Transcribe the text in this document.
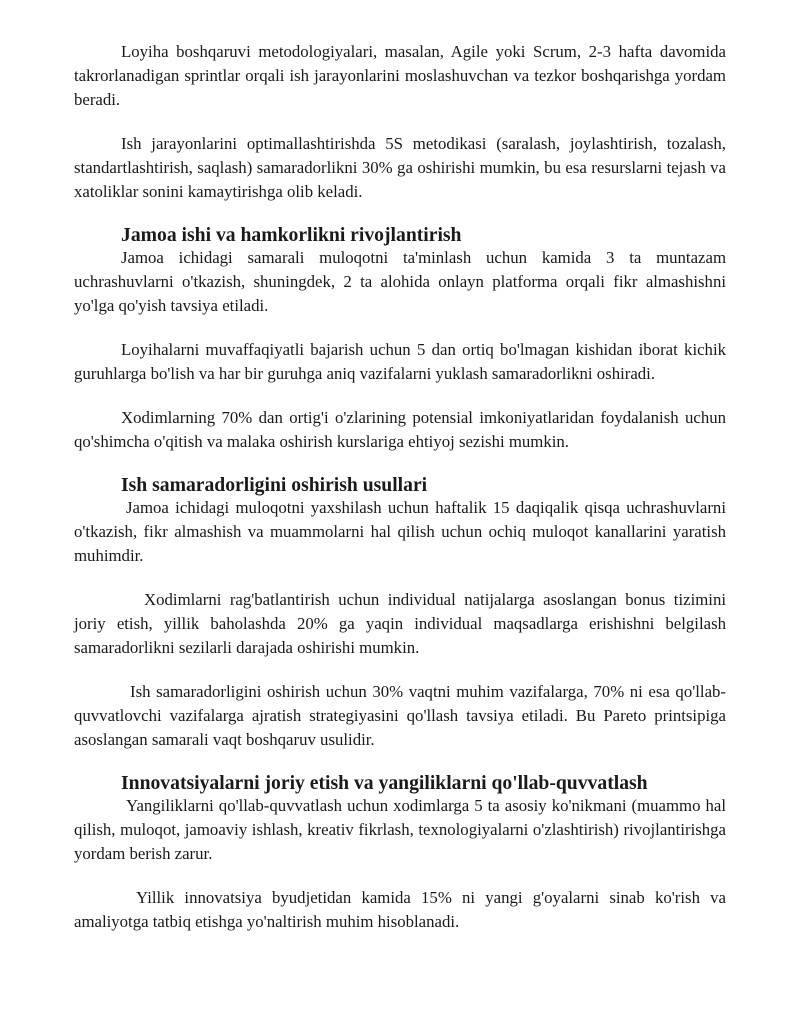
Loyiha boshqaruvi metodologiyalari, masalan, Agile yoki Scrum, 2-3 hafta davomida takrorlanadigan sprintlar orqali ish jarayonlarini moslashuvchan va tezkor boshqarishga yordam beradi.

Ish jarayonlarini optimallashtirishda 5S metodikasi (saralash, joylashtirish, tozalash, standartlashtirish, saqlash) samaradorlikni 30% ga oshirishi mumkin, bu esa resurslarni tejash va xatoliklar sonini kamaytirishga olib keladi.

Jamoa ishi va hamkorlikni rivojlantirish

Jamoa ichidagi samarali muloqotni ta'minlash uchun kamida 3 ta muntazam uchrashuvlarni o'tkazish, shuningdek, 2 ta alohida onlayn platforma orqali fikr almashishni yo'lga qo'yish tavsiya etiladi.

Loyihalarni muvaffaqiyatli bajarish uchun 5 dan ortiq bo'lmagan kishidan iborat kichik guruhlarga bo'lish va har bir guruhga aniq vazifalarni yuklash samaradorlikni oshiradi.

Xodimlarning 70% dan ortig'i o'zlarining potensial imkoniyatlaridan foydalanish uchun qo'shimcha o'qitish va malaka oshirish kurslariga ehtiyoj sezishi mumkin.

Ish samaradorligini oshirish usullari

Jamoa ichidagi muloqotni yaxshilash uchun haftalik 15 daqiqalik qisqa uchrashuvlarni o'tkazish, fikr almashish va muammolarni hal qilish uchun ochiq muloqot kanallarini yaratish muhimdir.

Xodimlarni rag'batlantirish uchun individual natijalarga asoslangan bonus tizimini joriy etish, yillik baholashda 20% ga yaqin individual maqsadlarga erishishni belgilash samaradorlikni sezilarli darajada oshirishi mumkin.

Ish samaradorligini oshirish uchun 30% vaqtni muhim vazifalarga, 70% ni esa qo'llab-quvvatlovchi vazifalarga ajratish strategiyasini qo'llash tavsiya etiladi. Bu Pareto printsipiga asoslangan samarali vaqt boshqaruv usulidir.

Innovatsiyalarni joriy etish va yangiliklarni qo'llab-quvvatlash

Yangiliklarni qo'llab-quvvatlash uchun xodimlarga 5 ta asosiy ko'nikmani (muammo hal qilish, muloqot, jamoaviy ishlash, kreativ fikrlash, texnologiyalarni o'zlashtirish) rivojlantirishga yordam berish zarur.

Yillik innovatsiya byudjetidan kamida 15% ni yangi g'oyalarni sinab ko'rish va amaliyotga tatbiq etishga yo'naltirish muhim hisoblanadi.
